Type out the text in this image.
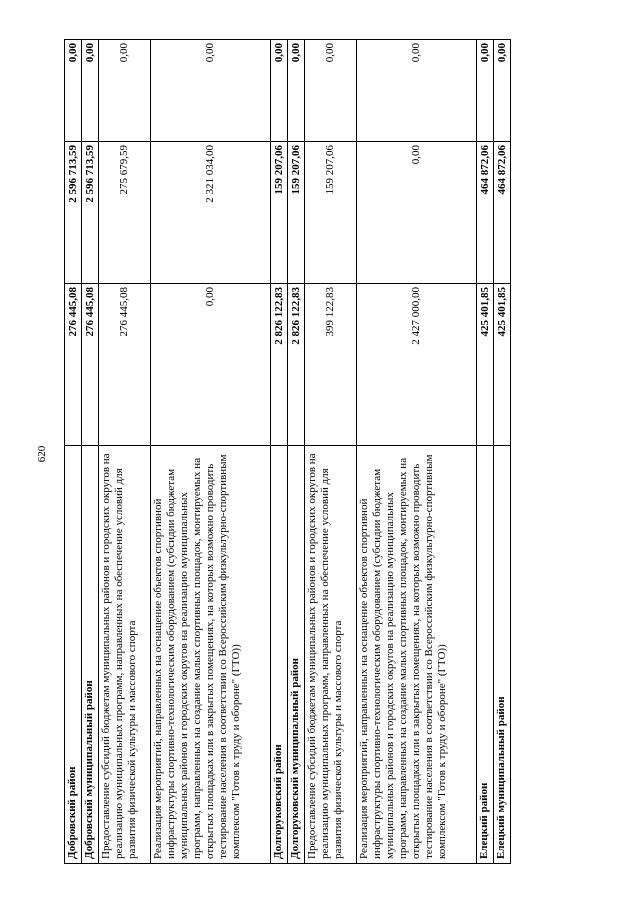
620
Добровский район	276 445,08	2 596 713,59	0,00
Добровский муниципальный район	276 445,08	2 596 713,59	0,00
Предоставление субсидий бюджетам муниципальных районов и городских округов на реализацию муниципальных программ, направленных на обеспечение условий для развития физической культуры и массового спорта	276 445,08	275 679,59	0,00
Реализация мероприятий, направленных на оснащение объектов спортивной инфраструктуры спортивно-технологическим оборудованием (субсидии бюджетам муниципальных районов и городских округов на реализацию муниципальных программ, направленных на создание малых спортивных площадок, монтируемых на открытых площадках или в закрытых помещениях, на которых возможно проводить тестирование населения в соответствии со Всероссийским физкультурно-спортивным комплексом "Готов к труду и обороне" (ГТО))	0,00	2 321 034,00	0,00
Долгоруковский район	2 826 122,83	159 207,06	0,00
Долгоруковский муниципальный район	2 826 122,83	159 207,06	0,00
Предоставление субсидий бюджетам муниципальных районов и городских округов на реализацию муниципальных программ, направленных на обеспечение условий для развития физической культуры и массового спорта	399 122,83	159 207,06	0,00
Реализация мероприятий, направленных на оснащение объектов спортивной инфраструктуры спортивно-технологическим оборудованием (субсидии бюджетам муниципальных районов и городских округов на реализацию муниципальных программ, направленных на создание малых спортивных площадок, монтируемых на открытых площадках или в закрытых помещениях, на которых возможно проводить тестирование населения в соответствии со Всероссийским физкультурно-спортивным комплексом "Готов к труду и обороне" (ГТО))	2 427 000,00	0,00	0,00
Елецкий район	425 401,85	464 872,06	0,00
Елецкий муниципальный район	425 401,85	464 872,06	0,00
